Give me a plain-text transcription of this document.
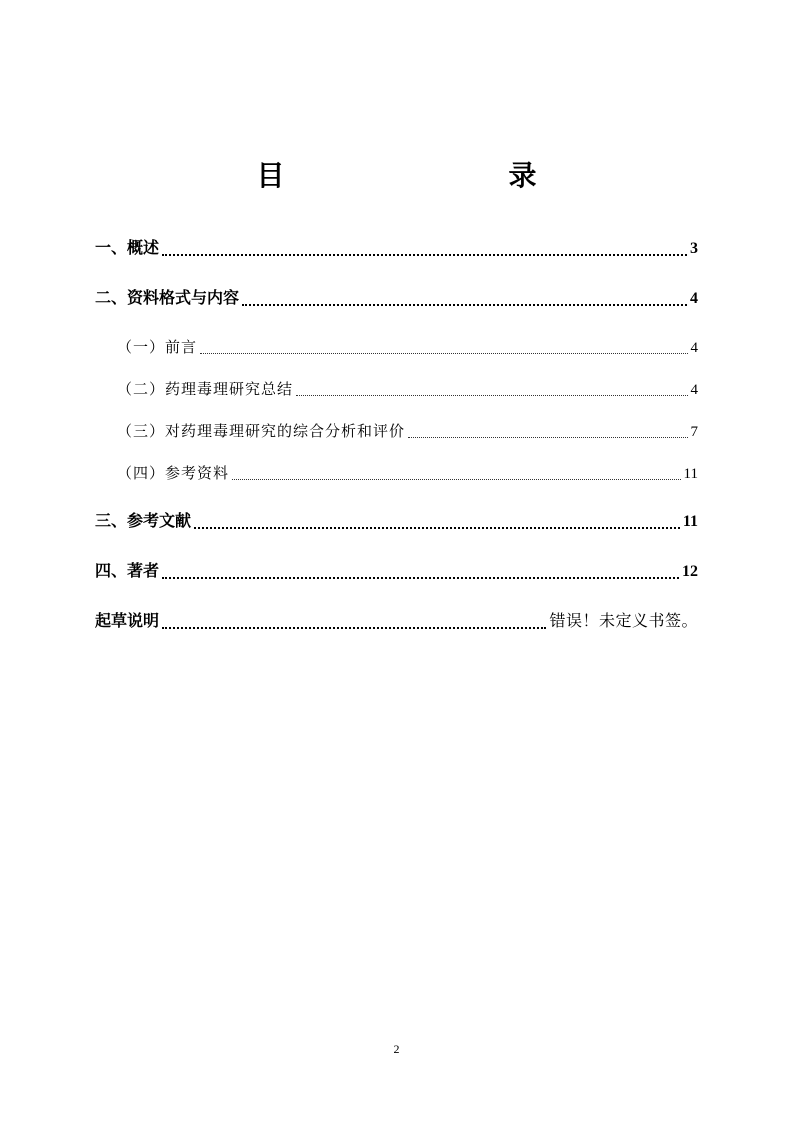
目　　录
一、概述	3
二、资料格式与内容	4
（一）前言	4
（二）药理毒理研究总结	4
（三）对药理毒理研究的综合分析和评价	7
（四）参考资料	11
三、参考文献	11
四、著者	12
起草说明	错误！未定义书签。
2
